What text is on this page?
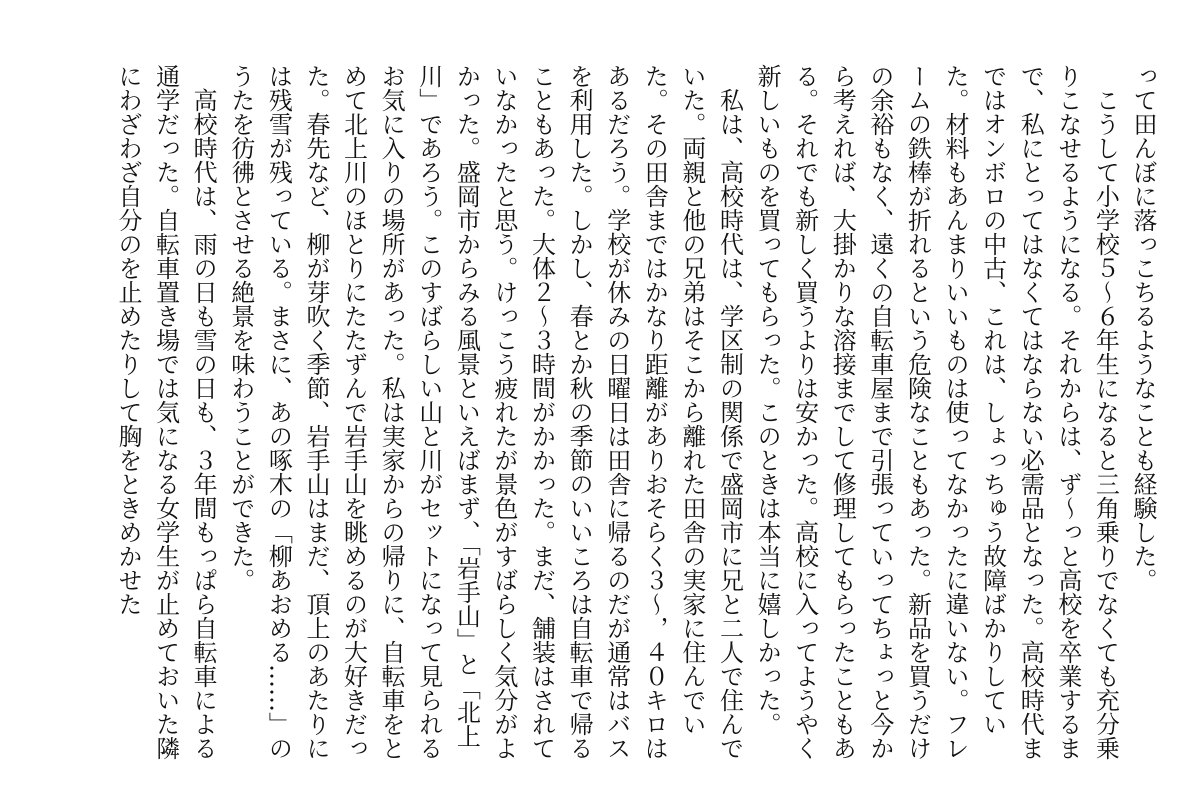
って田んぼに落っこちるようなことも経験した。

　こうして小学校５～６年生になると三角乗りでなくても充分乗りこなせるようになる。それからは、ず～っと高校を卒業するまで、私にとってはなくてはならない必需品となった。高校時代まではオンボロの中古、これは、しょっちゅう故障ばかりしていた。材料もあんまりいいものは使ってなかったに違いない。フレームの鉄棒が折れるという危険なこともあった。新品を買うだけの余裕もなく、遠くの自転車屋まで引張っていってちょっと今から考えれば、大掛かりな溶接までして修理してもらったこともある。それでも新しく買うよりは安かった。高校に入ってようやく新しいものを買ってもらった。このときは本当に嬉しかった。

　私は、高校時代は、学区制の関係で盛岡市に兄と二人で住んでいた。両親と他の兄弟はそこから離れた田舎の実家に住んでいた。その田舎まではかなり距離がありおそらく３～，４０キロはあるだろう。学校が休みの日曜日は田舎に帰るのだが通常はバスを利用した。しかし、春とか秋の季節のいいころは自転車で帰ることもあった。大体２～３時間がかかった。まだ、舗装はされていなかったと思う。けっこう疲れたが景色がすばらしく気分がよかった。盛岡市からみる風景といえばまず、「岩手山」と「北上川」であろう。このすばらしい山と川がセットになって見られるお気に入りの場所があった。私は実家からの帰りに、自転車をとめて北上川のほとりにたたずんで岩手山を眺めるのが大好きだった。春先など、柳が芽吹く季節、岩手山はまだ、頂上のあたりには残雪が残っている。まさに、あの啄木の「柳あおめる……」のうたを彷彿とさせる絶景を味わうことができた。

　高校時代は、雨の日も雪の日も、３年間もっぱら自転車による通学だった。自転車置き場では気になる女学生が止めておいた隣にわざわざ自分のを止めたりして胸をときめかせた
